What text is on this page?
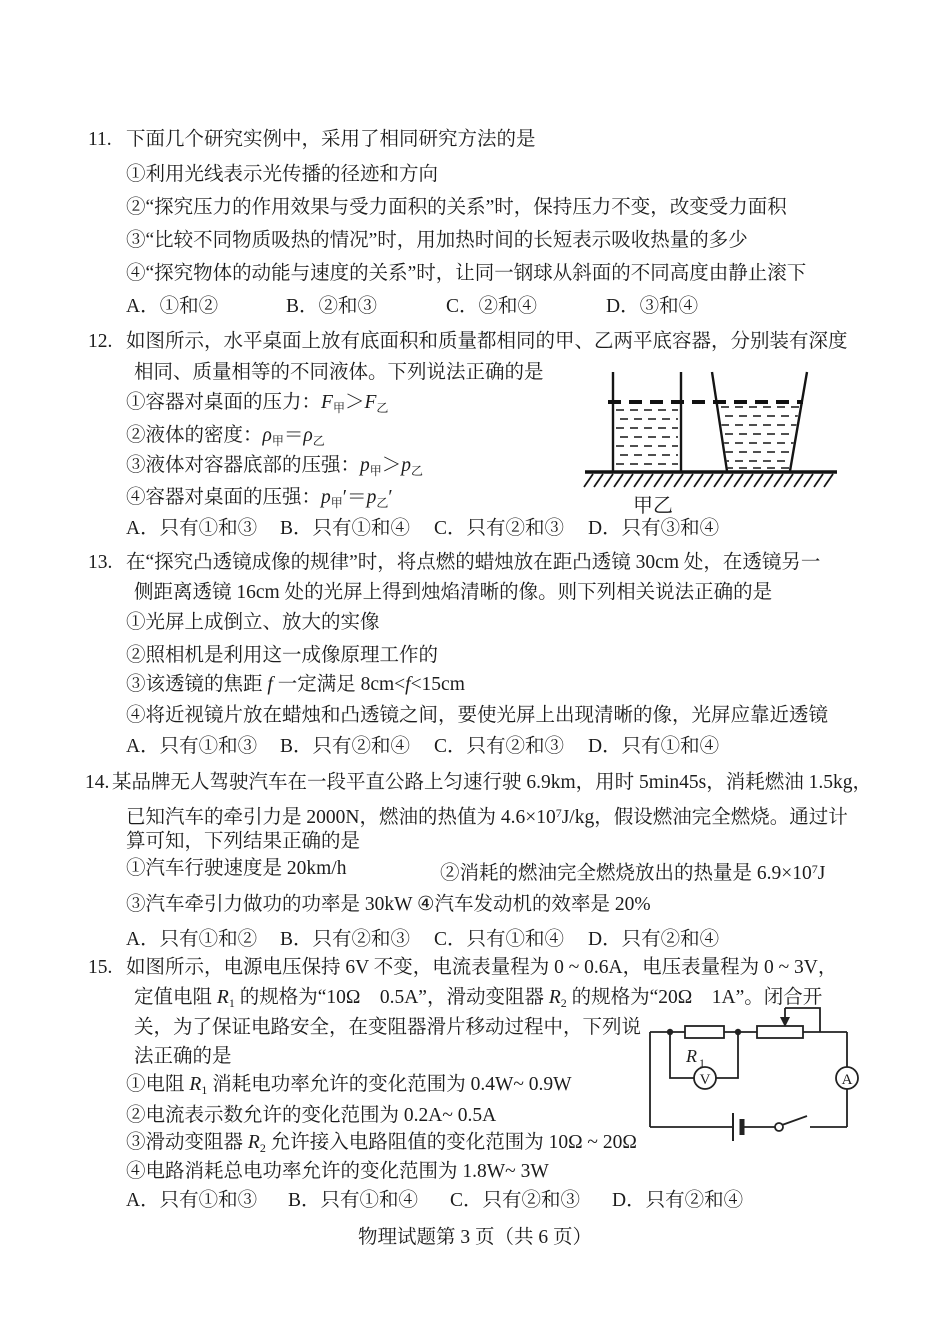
11. 下面几个研究实例中，采用了相同研究方法的是
①利用光线表示光传播的径迹和方向
②“探究压力的作用效果与受力面积的关系”时，保持压力不变，改变受力面积
③“比较不同物质吸热的情况”时，用加热时间的长短表示吸收热量的多少
④“探究物体的动能与速度的关系”时，让同一钢球从斜面的不同高度由静止滚下
A．①和②	B．②和③	C．②和④	D．③和④
12. 如图所示，水平桌面上放有底面积和质量都相同的甲、乙两平底容器，分别装有深度
相同、质量相等的不同液体。下列说法正确的是
①容器对桌面的压力：$F_甲>F_乙$
②液体的密度：$\rho_甲=\rho_乙$
③液体对容器底部的压强：$p_甲>p_乙$
④容器对桌面的压强：$p_甲'=p_乙'$
A．只有①和③ B．只有①和④ C．只有②和③ D．只有③和④
甲乙
13. 在“探究凸透镜成像的规律”时，将点燃的蜡烛放在距凸透镜 30cm 处，在透镜另一
侧距离透镜 16cm 处的光屏上得到烛焰清晰的像。则下列相关说法正确的是
①光屏上成倒立、放大的实像
②照相机是利用这一成像原理工作的
③该透镜的焦距 f 一定满足 8cm<f<15cm
④将近视镜片放在蜡烛和凸透镜之间，要使光屏上出现清晰的像，光屏应靠近透镜
A．只有①和③ B．只有②和④ C．只有②和③ D．只有①和④
14. 某品牌无人驾驶汽车在一段平直公路上匀速行驶 6.9km，用时 5min45s，消耗燃油 1.5kg，
已知汽车的牵引力是 2000N，燃油的热值为 $4.6\times 10^7J/kg$，假设燃油完全燃烧。通过计
算可知，下列结果正确的是
①汽车行驶速度是 20km/h	②消耗的燃油完全燃烧放出的热量是 $6.9\times 10^7J$
③汽车牵引力做功的功率是 30kW ④汽车发动机的效率是 20%
A．只有①和② B．只有②和③ C．只有①和④ D．只有②和④
15. 如图所示，电源电压保持 6V 不变，电流表量程为 0 ~ 0.6A，电压表量程为 0 ~ 3V，
定值电阻 $R_1$ 的规格为“10Ω　0.5A”，滑动变阻器 $R_2$ 的规格为“20Ω　1A”。闭合开
关，为了保证电路安全，在变阻器滑片移动过程中，下列说
法正确的是
①电阻 $R_1$ 消耗电功率允许的变化范围为 0.4W~ 0.9W
②电流表示数允许的变化范围为 0.2A~ 0.5A
③滑动变阻器 $R_2$ 允许接入电路阻值的变化范围为 10Ω ~ 20Ω
④电路消耗总电功率允许的变化范围为 1.8W~ 3W
A．只有①和③ B．只有①和④ C．只有②和③ D．只有②和④
R 1
V	A
物理试题第 3 页（共 6 页）
